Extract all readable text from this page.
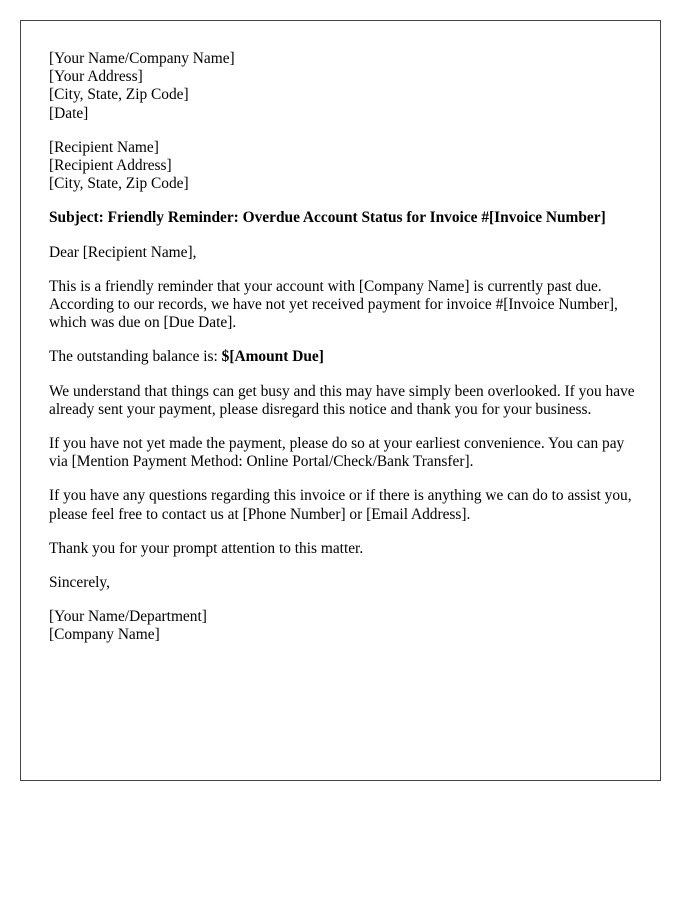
[Your Name/Company Name]
[Your Address]
[City, State, Zip Code]
[Date]
[Recipient Name]
[Recipient Address]
[City, State, Zip Code]

Subject: Friendly Reminder: Overdue Account Status for Invoice #[Invoice Number]

Dear [Recipient Name],

This is a friendly reminder that your account with [Company Name] is currently past due. According to our records, we have not yet received payment for invoice #[Invoice Number], which was due on [Due Date].

The outstanding balance is: $[Amount Due]

We understand that things can get busy and this may have simply been overlooked. If you have already sent your payment, please disregard this notice and thank you for your business.

If you have not yet made the payment, please do so at your earliest convenience. You can pay via [Mention Payment Method: Online Portal/Check/Bank Transfer].

If you have any questions regarding this invoice or if there is anything we can do to assist you, please feel free to contact us at [Phone Number] or [Email Address].

Thank you for your prompt attention to this matter.

Sincerely,

[Your Name/Department]
[Company Name]
